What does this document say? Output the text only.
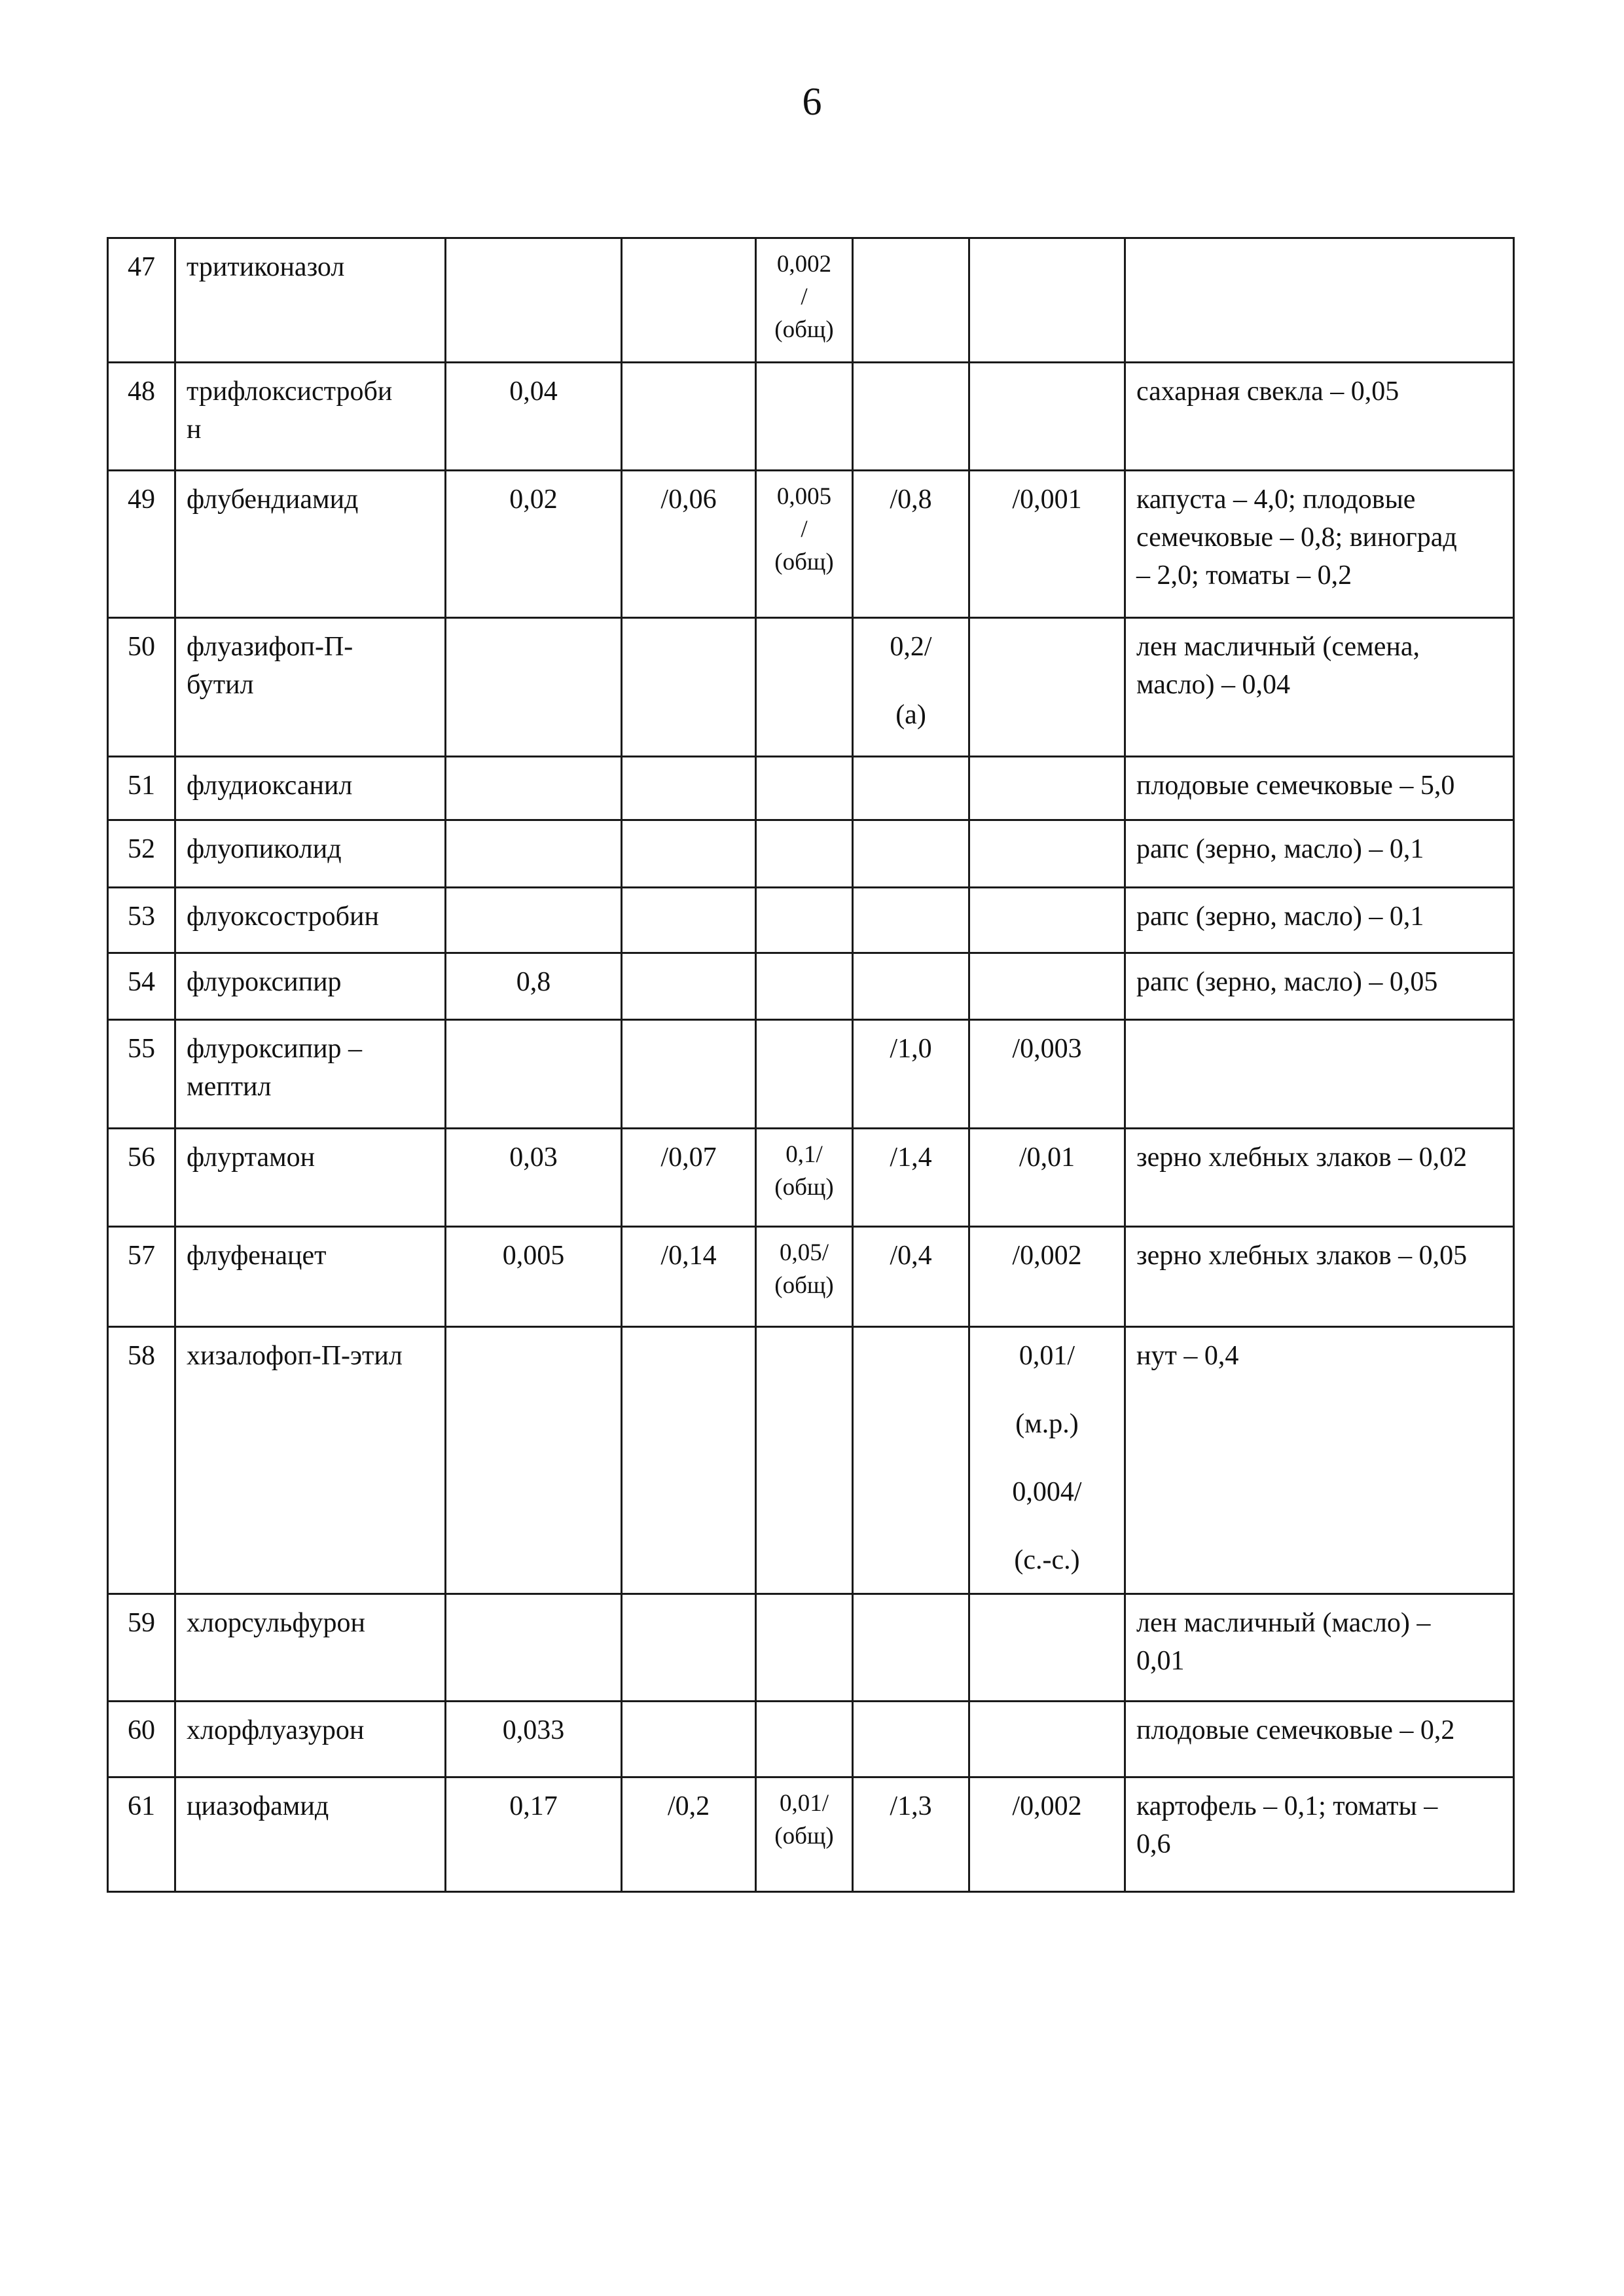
6
47	тритиконазол			0,002
/
(общ)			

48	трифлоксистроби
н	0,04					сахарная свекла – 0,05

49	флубендиамид	0,02	/0,06	0,005
/
(общ)	/0,8	/0,001	капуста – 4,0; плодовые
семечковые – 0,8; виноград
– 2,0; томаты – 0,2

50	флуазифоп-П-
бутил				0,2/
(а)		лен масличный (семена,
масло) – 0,04

51	флудиоксанил						плодовые семечковые – 5,0

52	флуопиколид						рапс (зерно, масло) – 0,1

53	флуоксостробин						рапс (зерно, масло) – 0,1

54	флуроксипир	0,8					рапс (зерно, масло) – 0,05

55	флуроксипир –
мептил				/1,0	/0,003	

56	флуртамон	0,03	/0,07	0,1/
(общ)	/1,4	/0,01	зерно хлебных злаков – 0,02

57	флуфенацет	0,005	/0,14	0,05/
(общ)	/0,4	/0,002	зерно хлебных злаков – 0,05

58	хизалофоп-П-этил					0,01/
(м.р.)
0,004/
(с.-с.)	нут – 0,4

59	хлорсульфурон						лен масличный (масло) –
0,01

60	хлорфлуазурон	0,033					плодовые семечковые – 0,2

61	циазофамид	0,17	/0,2	0,01/
(общ)	/1,3	/0,002	картофель – 0,1; томаты –
0,6
